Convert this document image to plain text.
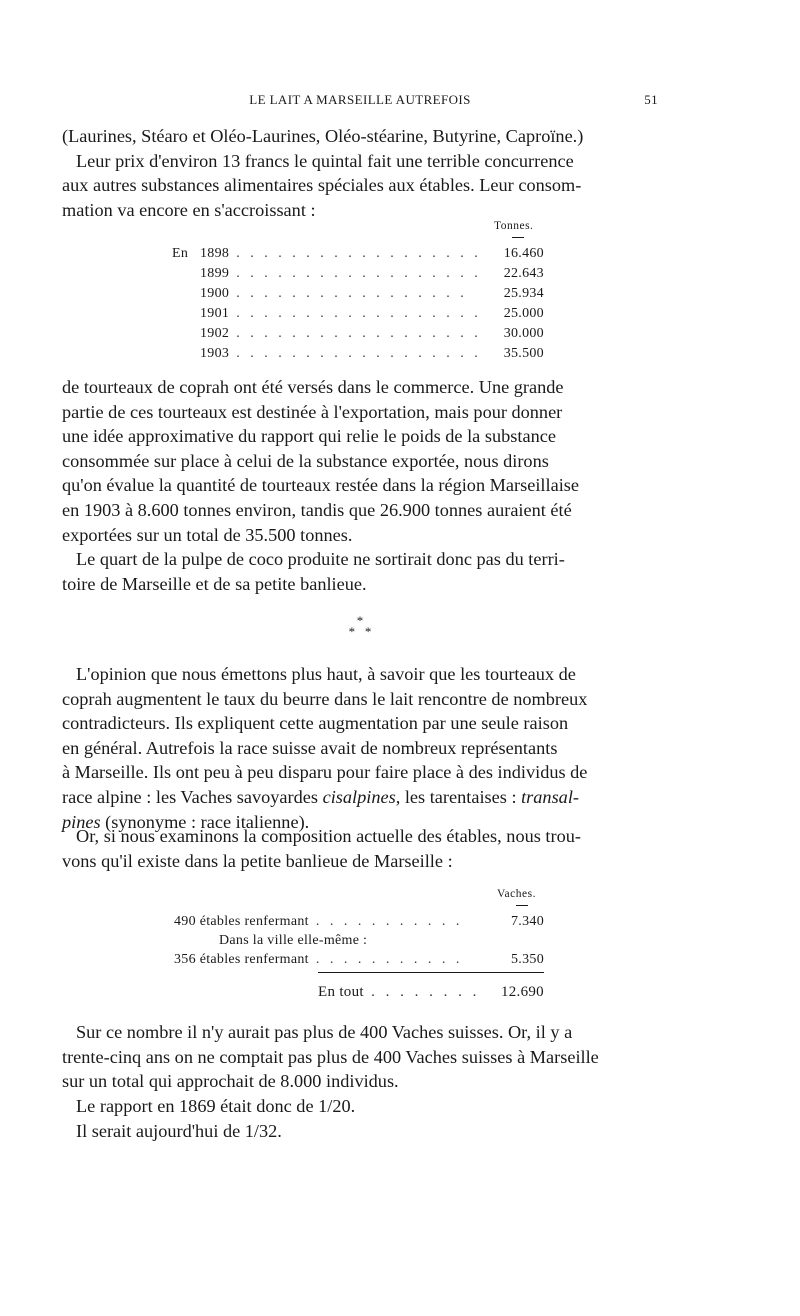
LE LAIT A MARSEILLE AUTREFOIS	51
(Laurines, Stéaro et Oléo-Laurines, Oléo-stéarine, Butyrine, Caproïne.)
Leur prix d'environ 13 francs le quintal fait une terrible concurrence
aux autres substances alimentaires spéciales aux étables. Leur consom-
mation va encore en s'accroissant :
Tonnes.
En 1898 . . . . . . . . . . . . . . . . . . 16.460
1899 . . . . . . . . . . . . . . . . . . 22.643
1900 . . . . . . . . . . . . . . . . .	25.934
1901 . . . . . . . . . . . . . . . . . . 25.000
1902 . . . . . . . . . . . . . . . . . . 30.000
1903 . . . . . . . . . . . . . . . . . . 35.500
de tourteaux de coprah ont été versés dans le commerce. Une grande
partie de ces tourteaux est destinée à l'exportation, mais pour donner
une idée approximative du rapport qui relie le poids de la substance
consommée sur place à celui de la substance exportée, nous dirons
qu'on évalue la quantité de tourteaux restée dans la région Marseillaise
en 1903 à 8.600 tonnes environ, tandis que 26.900 tonnes auraient été
exportées sur un total de 35.500 tonnes.
Le quart de la pulpe de coco produite ne sortirait donc pas du terri-
toire de Marseille et de sa petite banlieue.
*
*   *
L'opinion que nous émettons plus haut, à savoir que les tourteaux de
coprah augmentent le taux du beurre dans le lait rencontre de nombreux
contradicteurs. Ils expliquent cette augmentation par une seule raison
en général. Autrefois la race suisse avait de nombreux représentants
à Marseille. Ils ont peu à peu disparu pour faire place à des individus de
race alpine : les Vaches savoyardes cisalpines, les tarentaises : transal-
pines (synonyme : race italienne).
Or, si nous examinons la composition actuelle des étables, nous trou-
vons qu'il existe dans la petite banlieue de Marseille :
Vaches.
490 étables renfermant . . . . . . . . . . .	7.340
Dans la ville elle-même :
356 étables renfermant . . . . . . . . . . .	5.350
En tout . . . . . . . . 12.690
Sur ce nombre il n'y aurait pas plus de 400 Vaches suisses. Or, il y a
trente-cinq ans on ne comptait pas plus de 400 Vaches suisses à Marseille
sur un total qui approchait de 8.000 individus.
Le rapport en 1869 était donc de 1/20.
Il serait aujourd'hui de 1/32.
